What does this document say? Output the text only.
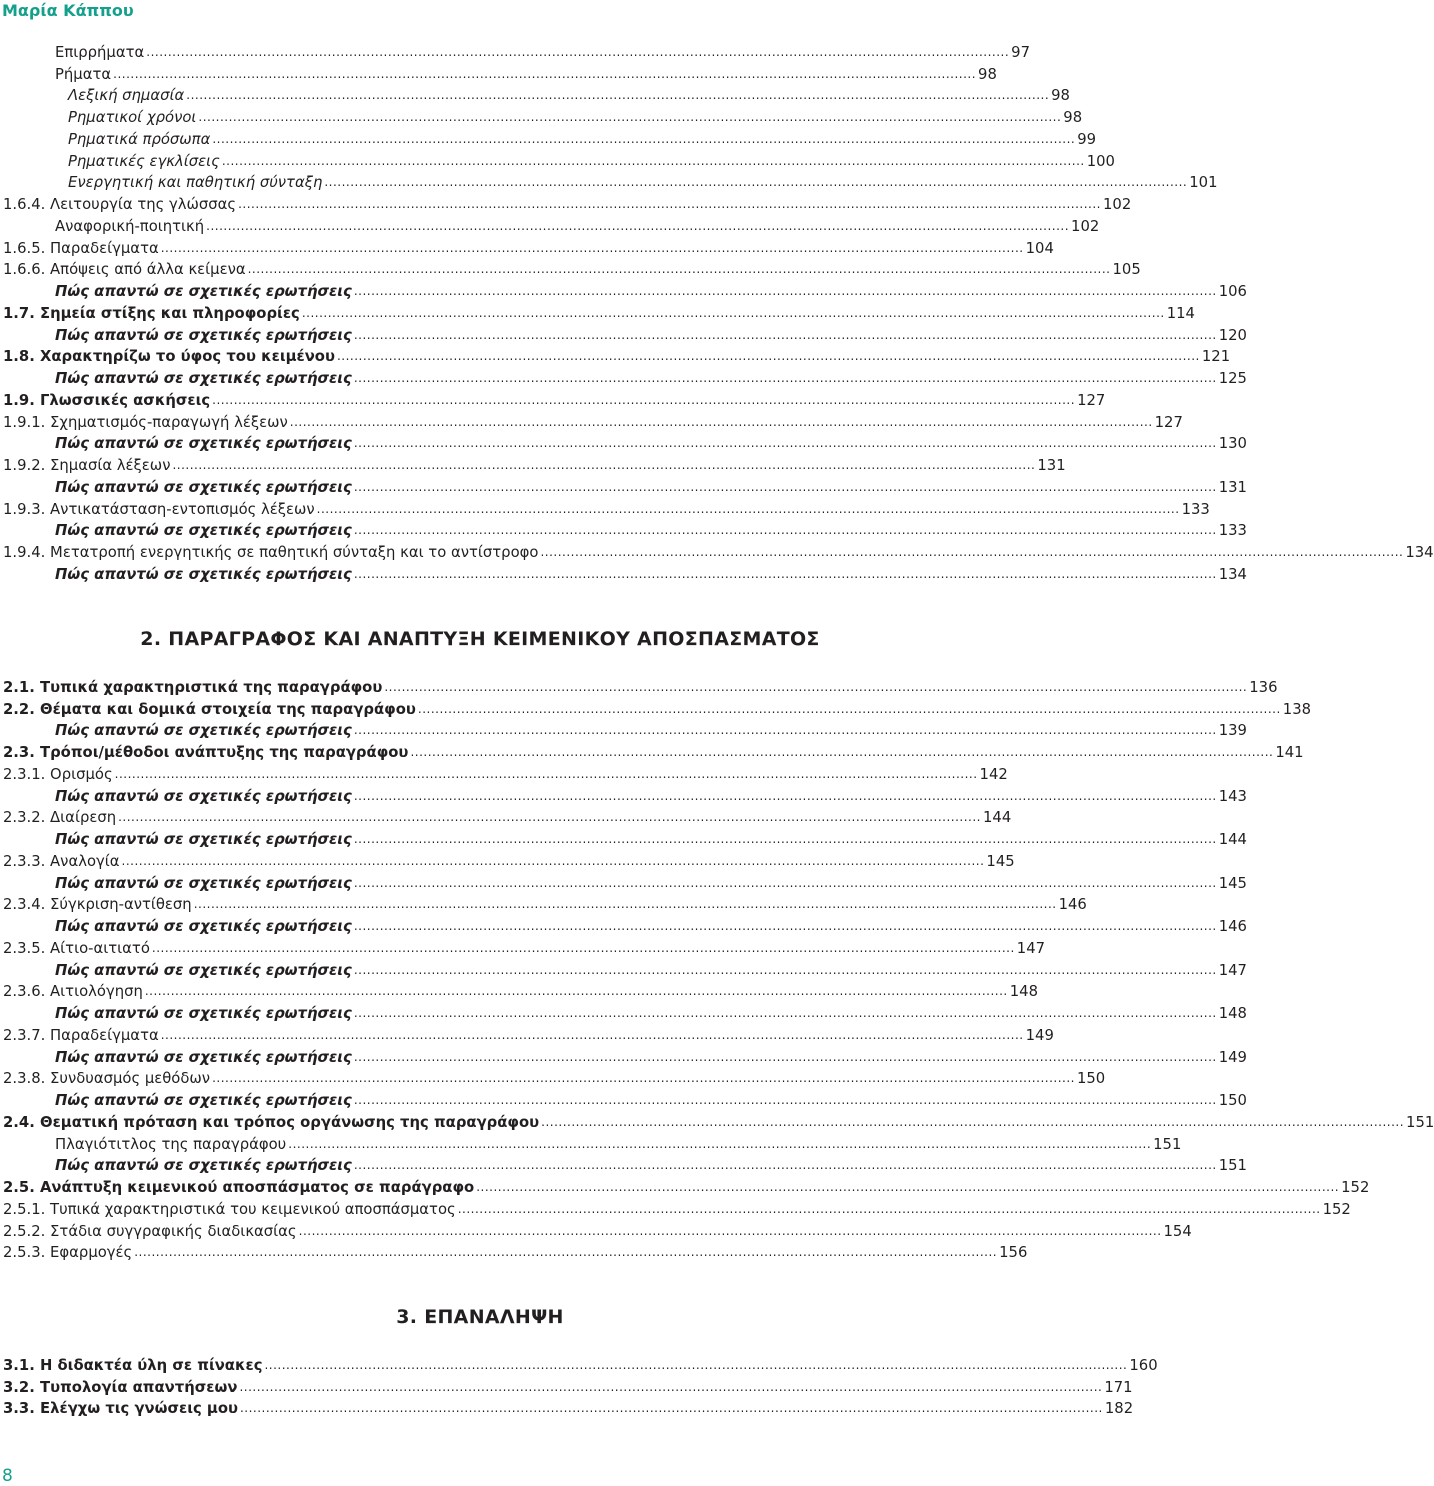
Μαρία Κάππου
Επιρρήματα ........................................................................................................................................................................................................ 97
Ρήματα ........................................................................................................................................................................................................ 98
Λεξική σημασία ........................................................................................................................................................................................................ 98
Ρηματικοί χρόνοι ........................................................................................................................................................................................................ 98
Ρηματικά πρόσωπα ........................................................................................................................................................................................................ 99
Ρηματικές εγκλίσεις ........................................................................................................................................................................................................ 100
Ενεργητική και παθητική σύνταξη ........................................................................................................................................................................................................ 101
1.6.4. Λειτουργία της γλώσσας ........................................................................................................................................................................................................ 102
Αναφορική-ποιητική ........................................................................................................................................................................................................ 102
1.6.5. Παραδείγματα ........................................................................................................................................................................................................ 104
1.6.6. Απόψεις από άλλα κείμενα ........................................................................................................................................................................................................ 105
Πώς απαντώ σε σχετικές ερωτήσεις ........................................................................................................................................................................................................ 106
1.7. Σημεία στίξης και πληροφορίες ........................................................................................................................................................................................................ 114
Πώς απαντώ σε σχετικές ερωτήσεις ........................................................................................................................................................................................................ 120
1.8. Χαρακτηρίζω το ύφος του κειμένου ........................................................................................................................................................................................................ 121
Πώς απαντώ σε σχετικές ερωτήσεις ........................................................................................................................................................................................................ 125
1.9. Γλωσσικές ασκήσεις ........................................................................................................................................................................................................ 127
1.9.1. Σχηματισμός-παραγωγή λέξεων ........................................................................................................................................................................................................ 127
Πώς απαντώ σε σχετικές ερωτήσεις ........................................................................................................................................................................................................ 130
1.9.2. Σημασία λέξεων ........................................................................................................................................................................................................ 131
Πώς απαντώ σε σχετικές ερωτήσεις ........................................................................................................................................................................................................ 131
1.9.3. Αντικατάσταση-εντοπισμός λέξεων ........................................................................................................................................................................................................ 133
Πώς απαντώ σε σχετικές ερωτήσεις ........................................................................................................................................................................................................ 133
1.9.4. Μετατροπή ενεργητικής σε παθητική σύνταξη και το αντίστροφο ........................................................................................................................................................................................................ 134
Πώς απαντώ σε σχετικές ερωτήσεις ........................................................................................................................................................................................................ 134
2.1. Τυπικά χαρακτηριστικά της παραγράφου ........................................................................................................................................................................................................ 136
2.2. Θέματα και δομικά στοιχεία της παραγράφου ........................................................................................................................................................................................................ 138
Πώς απαντώ σε σχετικές ερωτήσεις ........................................................................................................................................................................................................ 139
2.3. Τρόποι/μέθοδοι ανάπτυξης της παραγράφου ........................................................................................................................................................................................................ 141
2.3.1. Ορισμός ........................................................................................................................................................................................................ 142
Πώς απαντώ σε σχετικές ερωτήσεις ........................................................................................................................................................................................................ 143
2.3.2. Διαίρεση ........................................................................................................................................................................................................ 144
Πώς απαντώ σε σχετικές ερωτήσεις ........................................................................................................................................................................................................ 144
2.3.3. Αναλογία ........................................................................................................................................................................................................ 145
Πώς απαντώ σε σχετικές ερωτήσεις ........................................................................................................................................................................................................ 145
2.3.4. Σύγκριση-αντίθεση ........................................................................................................................................................................................................ 146
Πώς απαντώ σε σχετικές ερωτήσεις ........................................................................................................................................................................................................ 146
2.3.5. Αίτιο-αιτιατό ........................................................................................................................................................................................................ 147
Πώς απαντώ σε σχετικές ερωτήσεις ........................................................................................................................................................................................................ 147
2.3.6. Αιτιολόγηση ........................................................................................................................................................................................................ 148
Πώς απαντώ σε σχετικές ερωτήσεις ........................................................................................................................................................................................................ 148
2.3.7. Παραδείγματα ........................................................................................................................................................................................................ 149
Πώς απαντώ σε σχετικές ερωτήσεις ........................................................................................................................................................................................................ 149
2.3.8. Συνδυασμός μεθόδων ........................................................................................................................................................................................................ 150
Πώς απαντώ σε σχετικές ερωτήσεις ........................................................................................................................................................................................................ 150
2.4. Θεματική πρόταση και τρόπος οργάνωσης της παραγράφου ........................................................................................................................................................................................................ 151
Πλαγιότιτλος της παραγράφου ........................................................................................................................................................................................................ 151
Πώς απαντώ σε σχετικές ερωτήσεις ........................................................................................................................................................................................................ 151
2.5. Ανάπτυξη κειμενικού αποσπάσματος σε παράγραφο ........................................................................................................................................................................................................ 152
2.5.1. Τυπικά χαρακτηριστικά του κειμενικού αποσπάσματος ........................................................................................................................................................................................................ 152
2.5.2. Στάδια συγγραφικής διαδικασίας ........................................................................................................................................................................................................ 154
2.5.3. Εφαρμογές ........................................................................................................................................................................................................ 156
3.1. Η διδακτέα ύλη σε πίνακες ........................................................................................................................................................................................................ 160
3.2. Τυπολογία απαντήσεων ........................................................................................................................................................................................................ 171
3.3. Ελέγχω τις γνώσεις μου ........................................................................................................................................................................................................ 182
2. ΠΑΡΑΓΡΑΦΟΣ ΚΑΙ ΑΝΑΠΤΥΞΗ ΚΕΙΜΕΝΙΚΟΥ ΑΠΟΣΠΑΣΜΑΤΟΣ
3. ΕΠΑΝΑΛΗΨΗ
8
